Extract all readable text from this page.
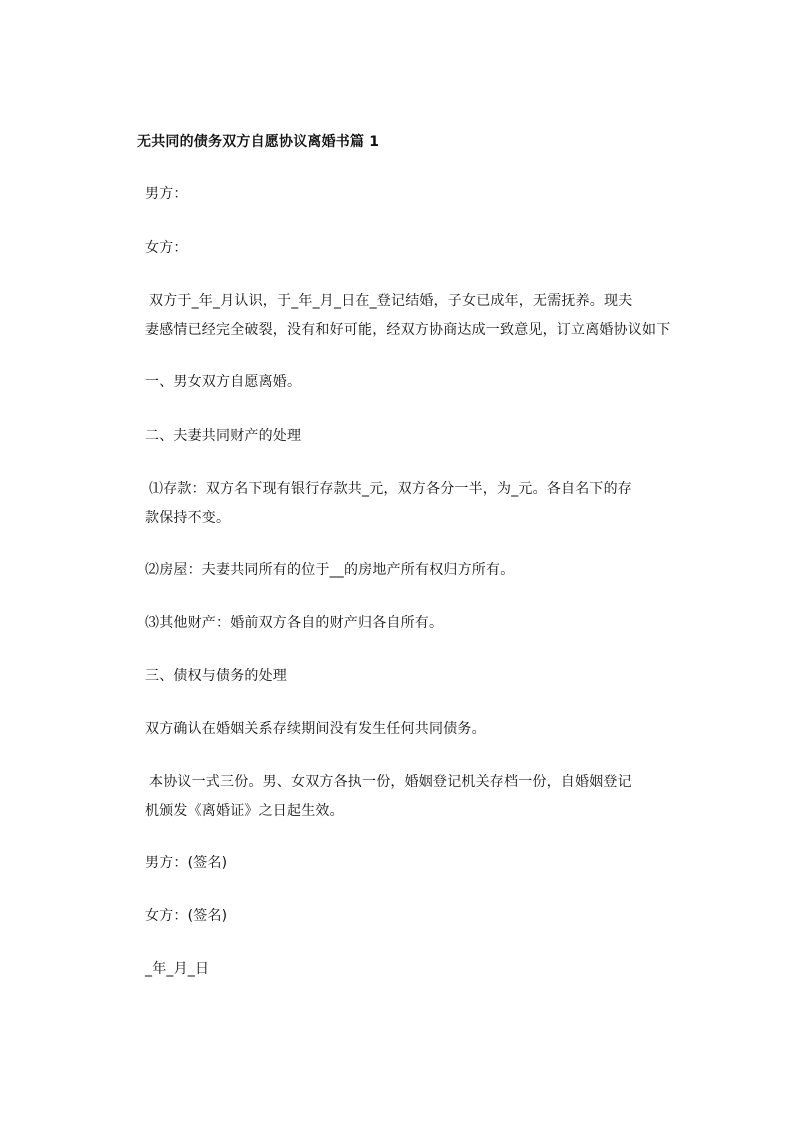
无共同的债务双方自愿协议离婚书篇 1
男方：
女方：
双方于_年_月认识，于_年_月_日在_登记结婚，子女已成年，无需抚养。现夫
妻感情已经完全破裂，没有和好可能，经双方协商达成一致意见，订立离婚协议如下
一、男女双方自愿离婚。
二、夫妻共同财产的处理
⑴存款：双方名下现有银行存款共_元，双方各分一半，为_元。各自名下的存
款保持不变。
⑵房屋：夫妻共同所有的位于__的房地产所有权归方所有。
⑶其他财产：婚前双方各自的财产归各自所有。
三、债权与债务的处理
双方确认在婚姻关系存续期间没有发生任何共同债务。
本协议一式三份。男、女双方各执一份，婚姻登记机关存档一份，自婚姻登记
机颁发《离婚证》之日起生效。
男方：(签名)
女方：(签名)
_年_月_日
